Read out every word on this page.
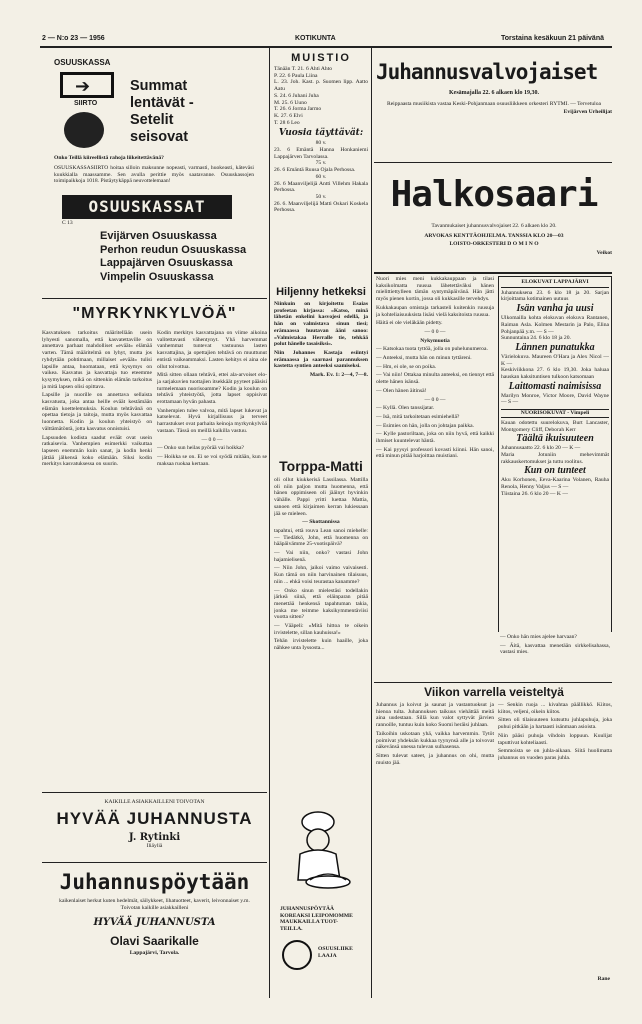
2 — N:o 23 — 1956	KOTIKUNTA	Torstaina kesäkuun 21 päivänä
OSUUSKASSA
➔
SIIRTO
Summat
lentävät -
Setelit
seisovat
Onko Teillä kiireellistä rahoja liikeitettävänä?
OSUUSKASSASIIRTO hoitaa silloin maksunne nopeasti, varmasti, huokeasti, käteväsi kuukkialla maassamme. Sen avulla perittie myös saatavanne. Osuuskassojen toimipaikkoja 1018. Pistäytykäppä neuvottelemaan!
OSUUSKASSAT
C 13
Evijärven Osuuskassa
Perhon reudun Osuuskassa
Lappajärven Osuuskassa
Vimpelin Osuuskassa
"MYRKYNKYLVÖÄ"

Kasvatuksen tarkoitus määritellään usein lyhyesti sanomalla, että kasvatettaville on annettava parhaat mahdolliset «eväät» elämää varten. Tämä määritelmä on lyhyt, mutta jos ryhdytään pohtimaan, millaiset «eväät» tulisi lapsille antaa, huomataan, että kysymys on vaikea. Kasvatus ja kasvattaja tuo eteemme kysymyksen, mikä on sittenkin elämän tarkoitus ja mitä lapsen olisi opittava.

Lapsille ja nuorille on annettava sellaista kasvatusta, joka antaa heille eväät kestämään elämän koettelemuksia. Koulun tehtävänä on opettaa tietoja ja taitoja, mutta myös kasvattaa luonnetta. Kodin ja koulun yhteistyö on välttämätöntä, jotta kasvatus onnistuisi.

Lapsuuden kodista saadut eväät ovat usein ratkaisevia. Vanhempien esimerkki vaikuttaa lapseen enemmän kuin sanat, ja kodin henki jättää jälkensä koko elämään. Siksi kodin merkitys kasvatuksessa on suurin.

Kodin merkitys kasvattajana on viime aikoina valitettavasti vähentynyt. Yhä harvemmat vanhemmat tuntevat vastuunsa lasten kasvattajina, ja opettajien tehtävä on muuttunut entistä vaikeammaksi. Lasten kehitys ei aina ole ollut toivottua.

Mitä sitten ollaan tehtävä, ettei ala-arvoiset elo- ja sarjakuvien tuottajien itsekkäät pyyteet pääsisi turmelemaan nuorisoamme? Kodin ja koulun on tehtävä yhteistyötä, jotta lapset oppisivat erottamaan hyvän pahasta.

Vanhempien tulee valvoa, mitä lapset lukevat ja katselevat. Hyvä kirjallisuus ja terveet harrastukset ovat parhaita keinoja myrkynkylvöä vastaan. Tässä on meillä kaikilla vastuu.

— 0 0 —

— Onko sun heilas pyörää vai hoikka?

— Hoikka se on. Ei se voi syödä mitään, kun se maksaa ruokaa kertaan.

KAIKILLE ASIAKKAILLENI TOIVOTAN
HYVÄÄ JUHANNUSTA
J. Rytinki
Iliäyliä
Juhannuspöytään
kaikenlaiset herkut kuten hedelmät, säilykkeet, lihatuotteet, kaverit, leivonnaiset y.m. Toivotan kaikille asiakkailleni
HYVÄÄ JUHANNUSTA
Olavi Saarikalle
Lappajärvi, Tarvola.
MUISTIO
Tänään T. 21. 6 Ahti Ahto
P. 22. 6 Paula Liina
L. 23. Joh. Kast. p. Suomen lipp. Aatto Aatu
S. 24. 6 Juhani Juha
M. 25. 6 Uuno
T. 26. 6 Jorma Jarmo
K. 27. 6 Elvi
T. 28 6 Leo
Vuosia täyttävät:
80 v.
23. 6 Emäntä Hanna Honkaniemi Lappajärven Tarvolassa.
75 v.
26. 6 Emäntä Ruusa Ojala Perhossa.
60 v.
26. 6 Maanviljelijä Antti Villehm Hakala Perhossa.
50 v.
26. 6. Maanviljelijä Matti Oskari Koskela Perhossa.
Hiljenny hetkeksi

Niinkuin on kirjoitettu Esaias profeetan kirjassa: «Katso, minä lähetän enkelini kasvojesi edellä, ja hän on valmistava sinun tiesi; erämaassa huutavan ääni sanoo: «Valmistakaa Herralle tie, tehkää polut hänelle tasaisiksi».

Niin Johannes Kastaja esiintyi erämaassa ja saarnasi parannuksen kastetta syntien anteeksi saamiseksi.

Mark. Ev. 1: 2—4, 7—8.

Torppa-Matti

oli ollut kiukkerisä Lassilassa. Mattilla oli niin paljon mutta huomenna, että hänen oppimiseen oli jääinyt hyvinkin vähälle. Pappi yritti luettaa Mattia, sanoen että kirjaimen kerran lukiessaan jää se mieleen.

— Skottannissa

tapahtui, että rouva Lean sanoi miehelle: — Tiedätkö, John, että huomenna on hääpäivämme 25-vuotispäivä?

— Vai niin, onko? vastasi John hajamielisenä.

— Niin John, jaikoi vaimo vaivaisesti. Kun tämä on niin harvinainen tilaisuus, niin ... ehkä voisi teurastaa kanamme?

— Onko sinun mielestäsi todellakin järkeä siinä, että eläinparan pitää menettää henkensä tapahtuman takia, jonka me teimme kaksikymmentäviisi vuotta sitten?

— Vääpeli: «Mitä hittoa te oikein irvistelette, sillan kauhuissa!»

Tehän irvistelette kuin haaille, joka nähkee unta Iyssosta...

JUHANNUSPÖYTÄÄ
KOREAKSI LEIPOMOMME
MAUKKAILLA TUOT-
TEILLA.
OSUUSLIIKE LAAJA
Juhannusvalvojaiset
Kesämajalla 22. 6 alkaen klo 19,30.
Reippaasta musiikista vastaa Keski-Pohjanmaan osuusliikkeen orkesteri RYTMI. — Tervetuloa
Evijärven Urheilijat
Halkosaari
Tavanmukaiset juhannusvalvojaiset 22. 6 alkaen klo 20.
ARVOKAS KENTTÄOHJELMA. TANSSIA KLO 20—03
LOISTO-ORKESTERI D O M I N O
Veikot

Nuori mies meni kukkakauppaan ja tilasi kaksikolmatta ruusua lähetettäväksi hänen mielittiettylleen tämän syntymäpäivänä. Hän jätti myös pienen kortin, jossa oli kukkasille tervehdys.

Kukkakaupan omistaja tarkasteli kuitenkin ruusuja ja kohteliaisuuksista lisäsi vielä kaksitoista ruusua.

Häitä ei ole vieläkään pidetty.

— 0 0 —

Nykymuotia

— Katsokaa tuota tyttöä, jolla on puhelunumeroa.

— Anteeksi, mutta hän on minun tyttäreni.

— Hm, ei ole, se on poika.

— Vai niin! Ottakaa minulta anteeksi, en tiennyt että olette hänen isänsä.

— Olen hänen äitinsä!

— 0 0 —

— Kyllä. Olen tanssijatar.

— Isä, mitä tarkoitetaan esimiehellä?

— Esimies on hän, jolla on johtajan paikka.

— Kylle pastoriltaan, joka on niin hyvä, että kaikki ihmiset kuuntelevat häntä.

— Kai pyysyi professori kovasti kiinni. Hän sanoi, että minun pitää harjoittaa muistiani.

ELOKUVAT LAPPAJÄRVI
Juhannuksena 23. 6 klo 18 ja 20. Sarjan kirjoittama kotimainen uutuus
Isän vanha ja uusi
Ulkomailla kohta elokuvan elokuva Rantanen, Raiman Asla. Kolmen Mestarin ja Palo, Elina Pohjanpää y.m. — S —
Sunnuntaina 24. 6 klo 18 ja 20.
Lännen punatukka
Värielokuva. Maureen O'Hara ja Alex Nicol — K —
Keskiviikkona 27. 6 klo 19,30. Joka haluaa hauskan kaksituntisen tulkoon katsomaan
Laittomasti naimisissa
Marilyn Monroe, Victor Moore, David Wayne — S —
NUORISOKUVAT - Vimpeli
Kauan odotettu suurelokuva, Burt Lancaster, Montgomery Cliff, Deborah Kerr
Täältä ikuisuuteen
Juhannusaatto 22. 6 klo 20 — K —
Maria Jotuniin mehevimmät rakkauskertomukset ja tuttu roolitus.
Kun on tunteet
Aku Korhonen, Eeva-Kaarina Volanen, Rauha Renola, Henny Valjus — S —
Tiistaina 26. 6 klo 20 — K —

— Onko hän mies ajelee harvaan?

— Äitä, kasvattaa menetään sirkkelisahassa, vastasi mies.

Viikon varrella veisteltyä

Juhannus ja koivut ja saunat ja vastantuoksut ja hienoa tulta. Juhannuksen taikuus viehättää meitä aina uudestaan. Sillä kun valot syttyvät järvien rannoille, tuntuu kuin koko Suomi heräisi juhlaan.

Taikoihin uskotaan yhä, vaikka harvemmin. Tytöt poimivat yhdeksän kukkaa tyynynsä alle ja toivovat näkevänsä unessa tulevan sulhasensa.

Sitten tulevat sateet, ja juhannus on ohi, mutta muisto jää.

— Senkin ruoja ... kivahtaa päällikkö. Kiitos, kiitos, veljeni, oikein kiitos.

Sitten oli tilaisuuteen kutsuttu juhlapuhuja, joka puhui pitkään ja hartaasti isänmaan asioista.

Niin pääsi puhuja vihdoin loppuun. Kuulijat taputtivat kohteliaasti.

Semmoista se on juhla-aikaan. Siitä huolimatta juhannus on vuoden paras juhla.

Rane
